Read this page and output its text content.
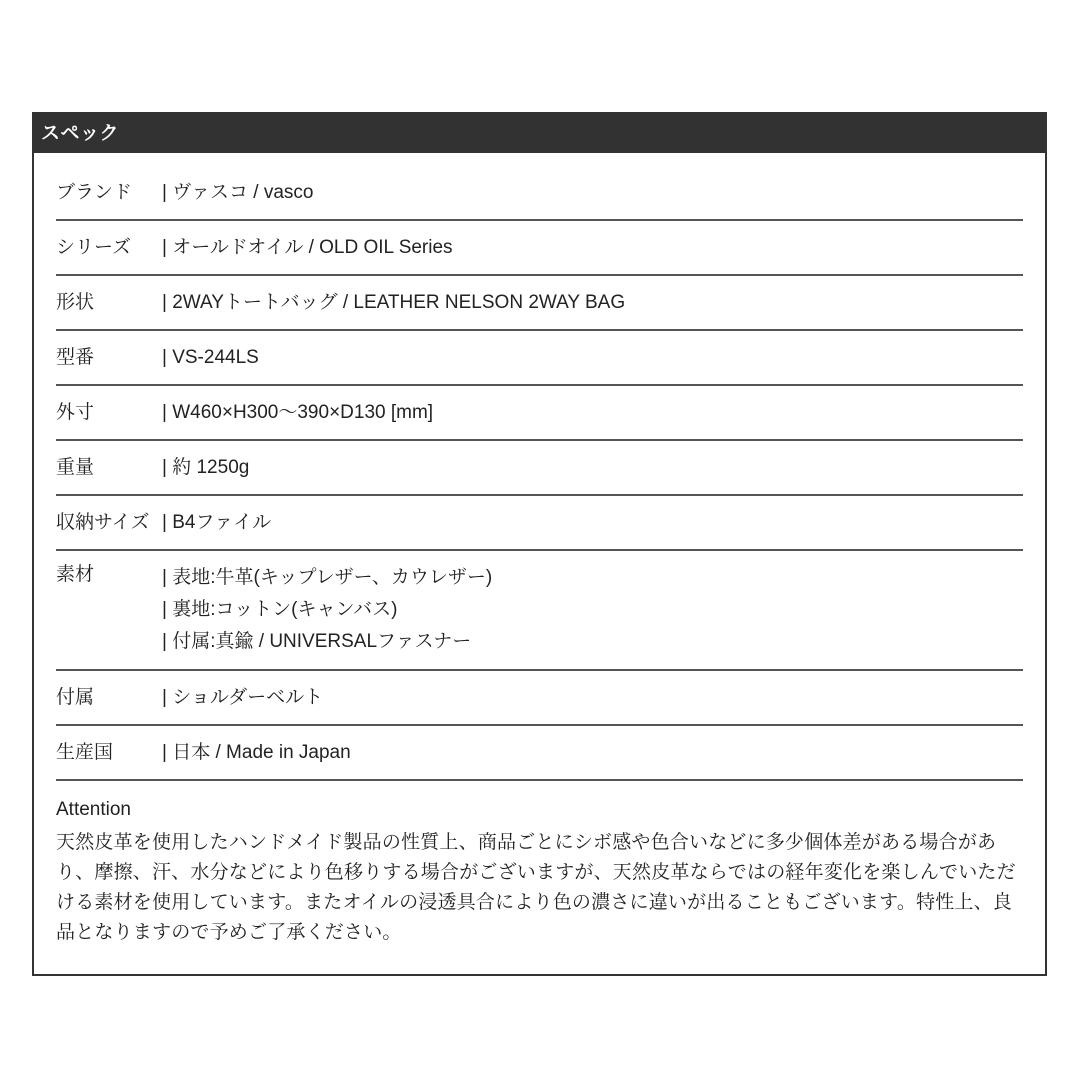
スペック
ブランド	| ヴァスコ / vasco
シリーズ	| オールドオイル / OLD OIL Series
形状	| 2WAYトートバッグ / LEATHER NELSON 2WAY BAG
型番	| VS-244LS
外寸	| W460×H300〜390×D130 [mm]
重量	| 約 1250g
収納サイズ | B4ファイル
素材	| 表地:牛革(キップレザー、カウレザー)
| 裏地:コットン(キャンバス)
| 付属:真鍮 / UNIVERSALファスナー
付属	| ショルダーベルト
生産国	| 日本 / Made in Japan
Attention
天然皮革を使用したハンドメイド製品の性質上、商品ごとにシボ感や色合いなどに多少個体差がある場合があり、摩擦、汗、水分などにより色移りする場合がございますが、天然皮革ならではの経年変化を楽しんでいただける素材を使用しています。またオイルの浸透具合により色の濃さに違いが出ることもございます。特性上、良品となりますので予めご了承ください。
